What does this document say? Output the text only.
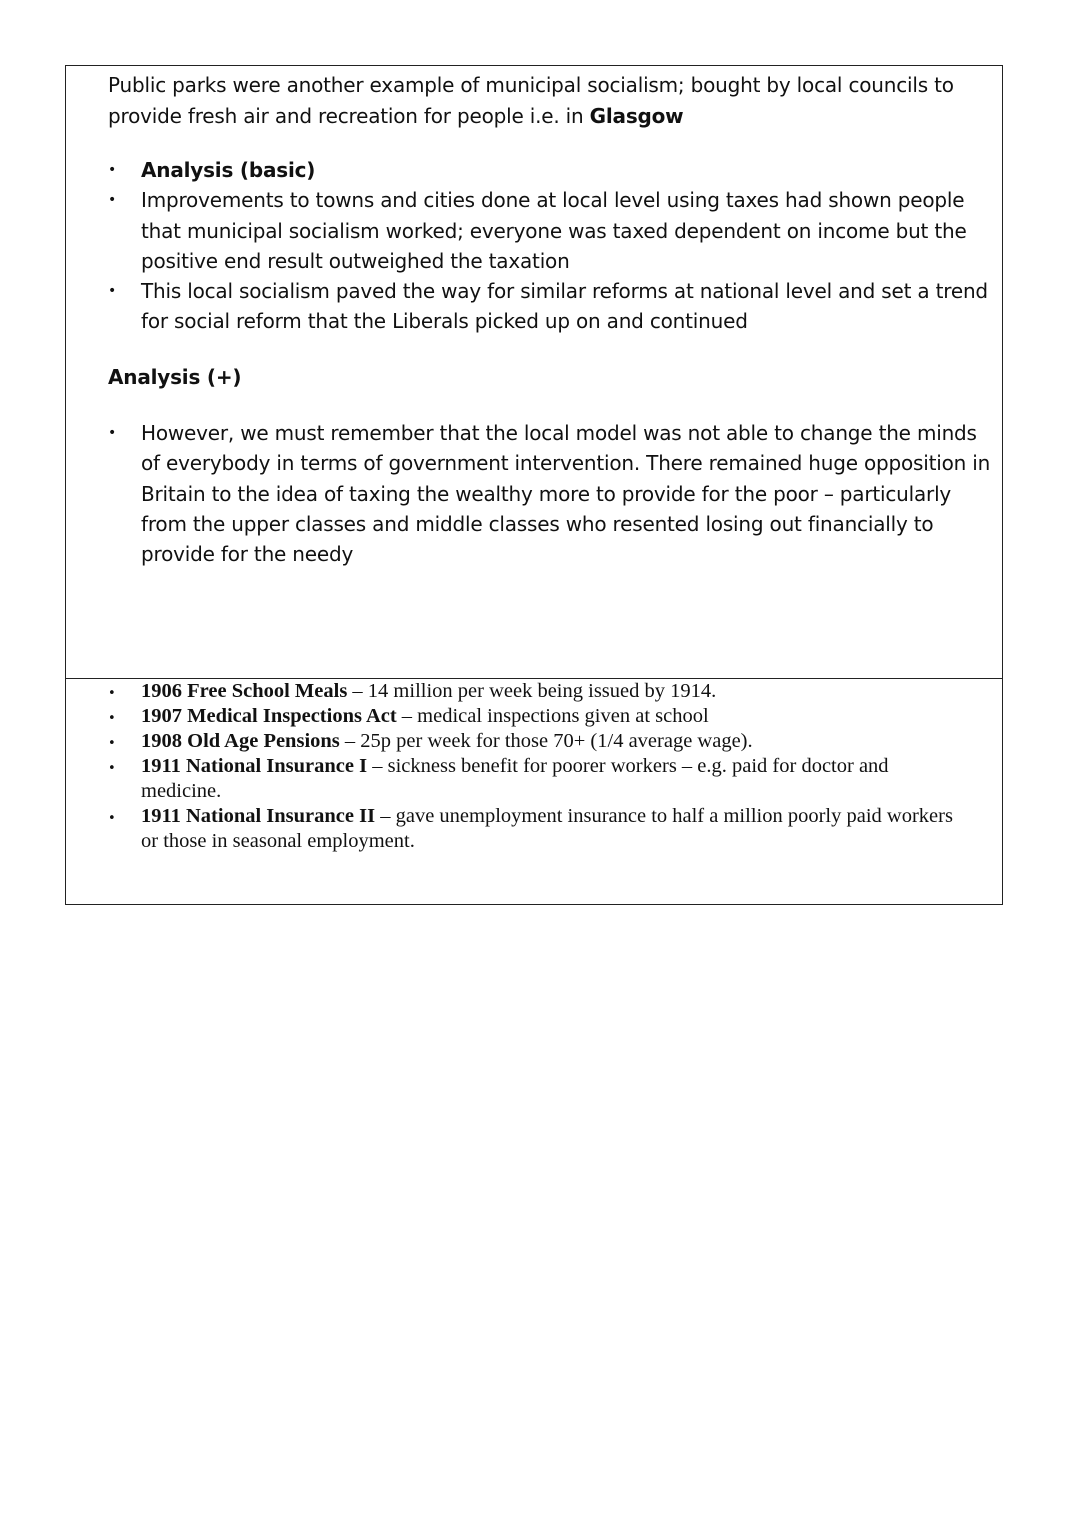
Public parks were another example of municipal socialism; bought by local councils to provide fresh air and recreation for people i.e. in Glasgow

• Analysis (basic)
• Improvements to towns and cities done at local level using taxes had shown people that municipal socialism worked; everyone was taxed dependent on income but the positive end result outweighed the taxation
• This local socialism paved the way for similar reforms at national level and set a trend for social reform that the Liberals picked up on and continued

Analysis (+)

• However, we must remember that the local model was not able to change the minds of everybody in terms of government intervention. There remained huge opposition in Britain to the idea of taxing the wealthy more to provide for the poor – particularly from the upper classes and middle classes who resented losing out financially to provide for the needy
• 1906 Free School Meals – 14 million per week being issued by 1914.
• 1907 Medical Inspections Act – medical inspections given at school
• 1908 Old Age Pensions – 25p per week for those 70+ (1/4 average wage).
• 1911 National Insurance I – sickness benefit for poorer workers – e.g. paid for doctor and medicine.
• 1911 National Insurance II – gave unemployment insurance to half a million poorly paid workers or those in seasonal employment.
